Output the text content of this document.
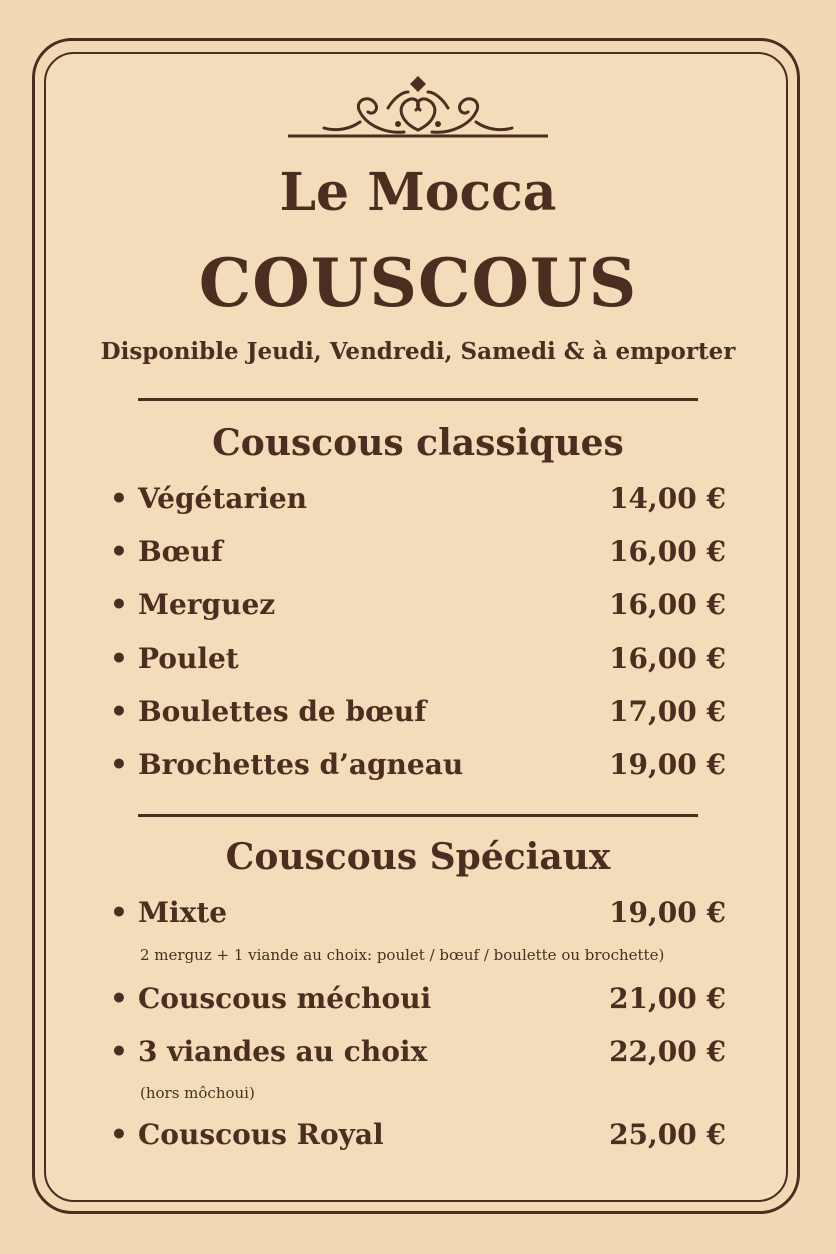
Le Mocca
COUSCOUS
Disponible Jeudi, Vendredi, Samedi & à emporter
Couscous classiques
• Végétarien	14,00 €
• Bœuf	16,00 €
• Merguez	16,00 €
• Poulet	16,00 €
• Boulettes de bœuf	17,00 €
• Brochettes d’agneau	19,00 €
Couscous Spéciaux
• Mixte	19,00 €
2 merguz + 1 viande au choix: poulet / bœuf / boulette ou brochette)
• Couscous méchoui	21,00 €
• 3 viandes au choix	22,00 €
(hors môchoui)
• Couscous Royal	25,00 €
